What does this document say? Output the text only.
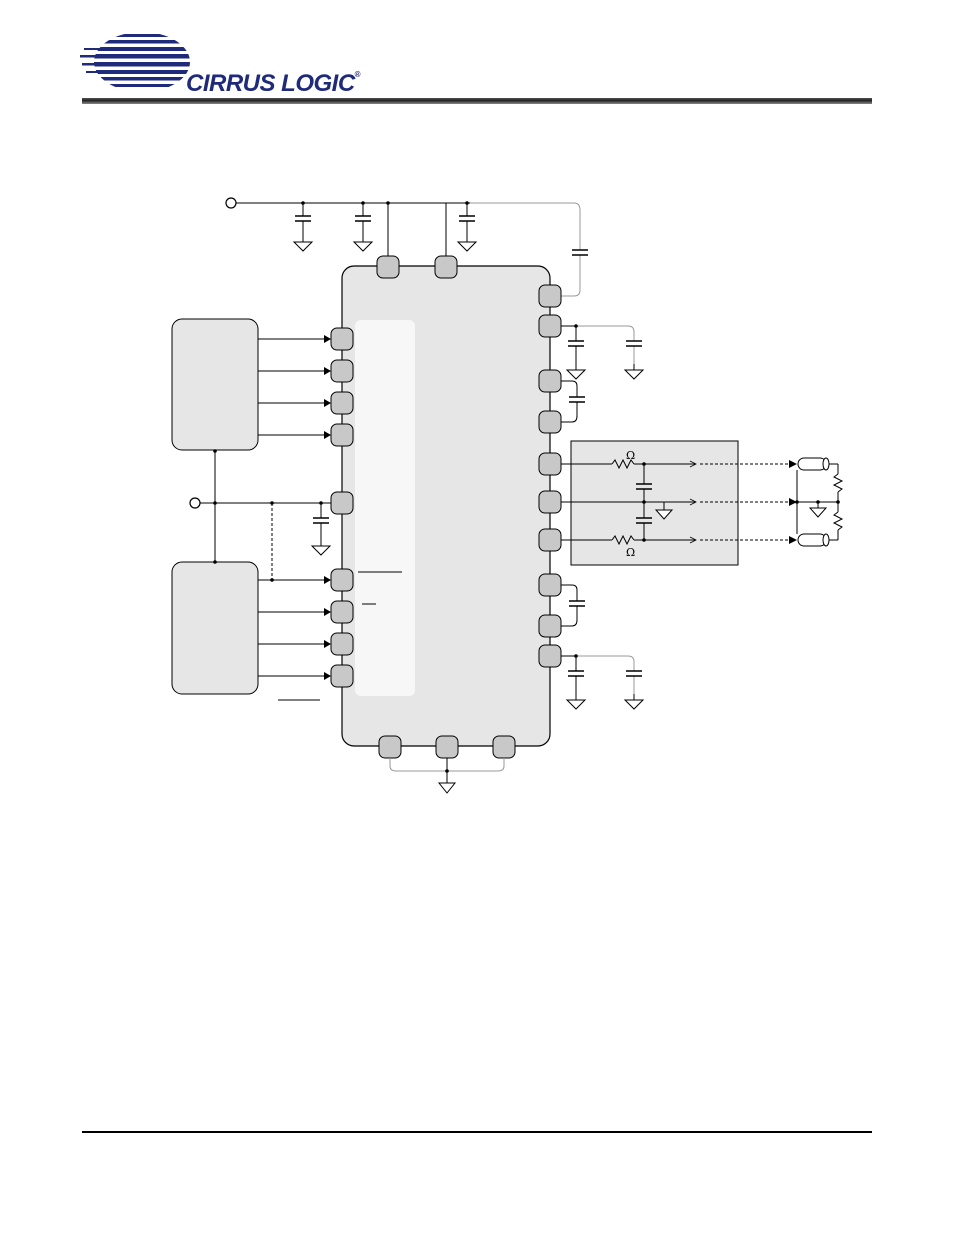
CIRRUS LOGIC®
Ω
Ω
